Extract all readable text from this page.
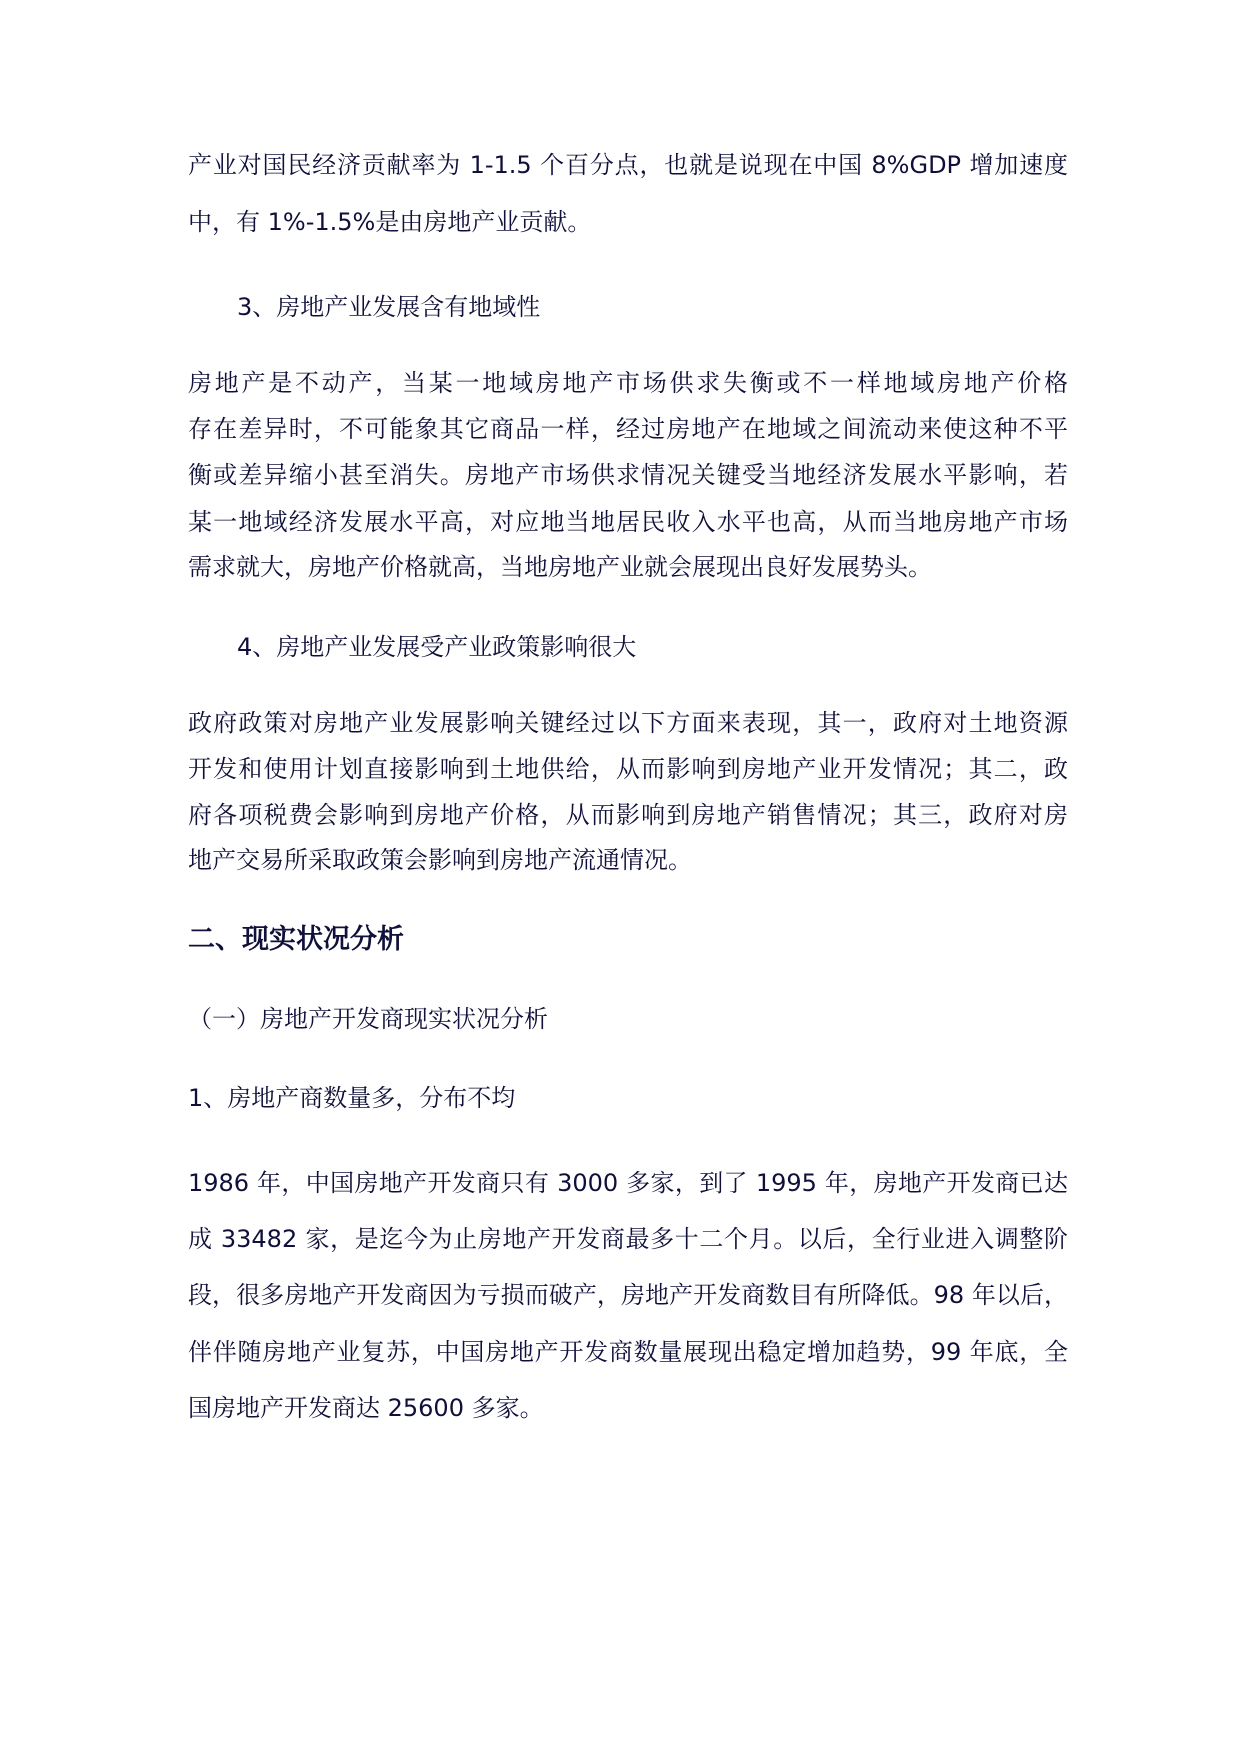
产业对国民经济贡献率为 1-1.5 个百分点，也就是说现在中国 8%GDP 增加速度
中，有 1%-1.5%是由房地产业贡献。
3、房地产业发展含有地域性
房地产是不动产，当某一地域房地产市场供求失衡或不一样地域房地产价格
存在差异时，不可能象其它商品一样，经过房地产在地域之间流动来使这种不平
衡或差异缩小甚至消失。房地产市场供求情况关键受当地经济发展水平影响，若
某一地域经济发展水平高，对应地当地居民收入水平也高，从而当地房地产市场
需求就大，房地产价格就高，当地房地产业就会展现出良好发展势头。
4、房地产业发展受产业政策影响很大
政府政策对房地产业发展影响关键经过以下方面来表现，其一，政府对土地资源
开发和使用计划直接影响到土地供给，从而影响到房地产业开发情况；其二，政
府各项税费会影响到房地产价格，从而影响到房地产销售情况；其三，政府对房
地产交易所采取政策会影响到房地产流通情况。
二、现实状况分析
（一）房地产开发商现实状况分析
1、房地产商数量多，分布不均
1986 年，中国房地产开发商只有 3000 多家，到了 1995 年，房地产开发商已达
成 33482 家，是迄今为止房地产开发商最多十二个月。以后，全行业进入调整阶
段，很多房地产开发商因为亏损而破产，房地产开发商数目有所降低。98 年以后，
伴伴随房地产业复苏，中国房地产开发商数量展现出稳定增加趋势，99 年底，全
国房地产开发商达 25600 多家。
